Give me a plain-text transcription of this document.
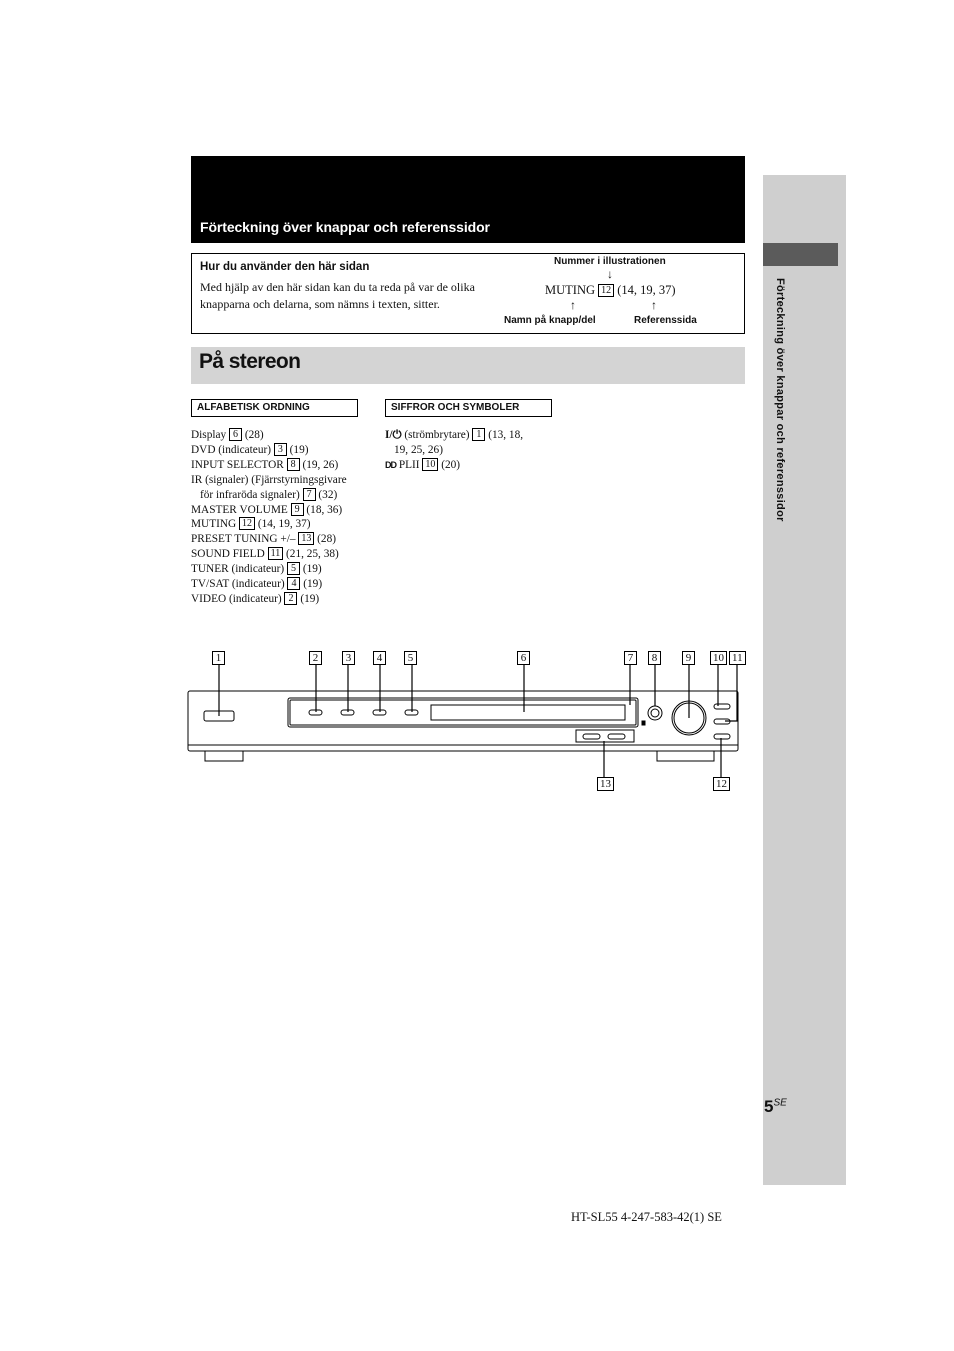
Förteckning över knappar och referenssidor
Förteckning över knappar och referenssidor
Hur du använder den här sidan
Med hjälp av den här sidan kan du ta reda på var de olika knapparna och delarna, som nämns i texten, sitter.
Nummer i illustrationen
↓
MUTING 12 (14, 19, 37)
↑	↑
Namn på knapp/del	Referenssida
På stereon
ALFABETISK ORDNING	SIFFROR OCH SYMBOLER
Display 6 (28)
DVD (indicateur) 3 (19)
INPUT SELECTOR 8 (19, 26)
IR (signaler) (Fjärrstyrningsgivare
för infraröda signaler) 7 (32)
MASTER VOLUME 9 (18, 36)
MUTING 12 (14, 19, 37)
PRESET TUNING +/– 13 (28)
SOUND FIELD 11 (21, 25, 38)
TUNER (indicateur) 5 (19)
TV/SAT (indicateur) 4 (19)
VIDEO (indicateur) 2 (19)
I/⏻ (strömbrytare) 1 (13, 18,
19, 25, 26)
DD PLII 10 (20)
1	2	3	4	5	6	7	8	9	10 11
13	12
$5^{SE}$
HT-SL55 4-247-583-42(1) SE
